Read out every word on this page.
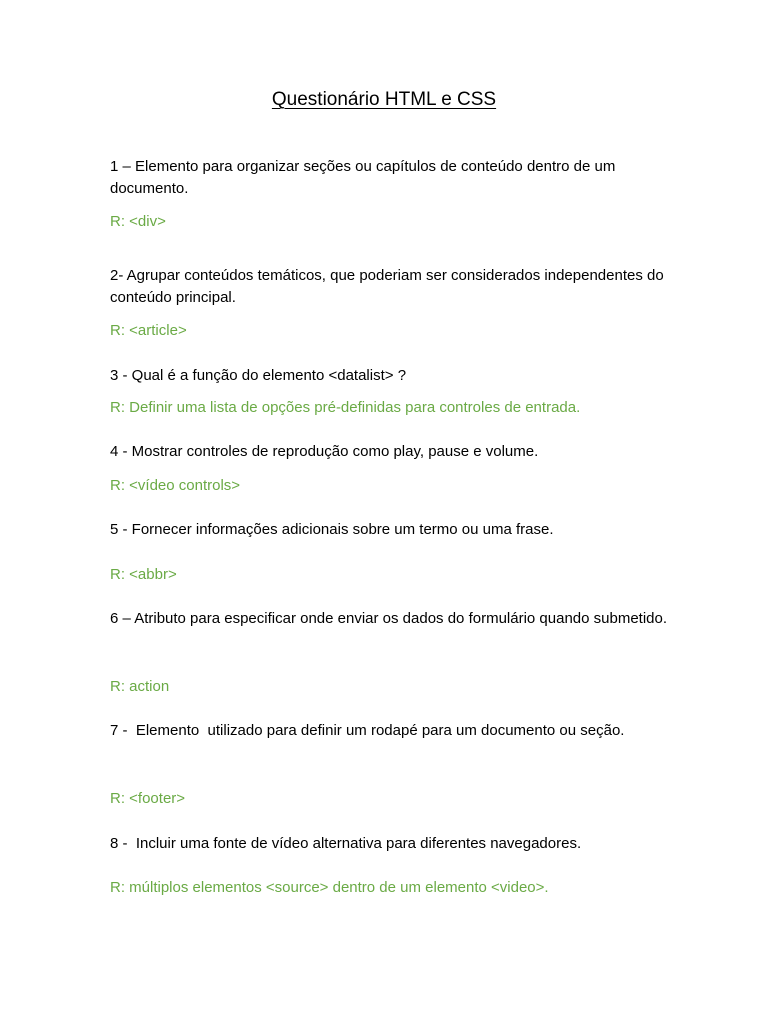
Questionário HTML e CSS
1 – Elemento para organizar seções ou capítulos de conteúdo dentro de um documento.
R: <div>
2- Agrupar conteúdos temáticos, que poderiam ser considerados independentes do conteúdo principal.
R: <article>
3 - Qual é a função do elemento <datalist> ?
R: Definir uma lista de opções pré-definidas para controles de entrada.
4 - Mostrar controles de reprodução como play, pause e volume.
R: <vídeo controls>
5 - Fornecer informações adicionais sobre um termo ou uma frase.
R: <abbr>
6 – Atributo para especificar onde enviar os dados do formulário quando submetido.
R: action
7 -  Elemento  utilizado para definir um rodapé para um documento ou seção.
R: <footer>
8 -  Incluir uma fonte de vídeo alternativa para diferentes navegadores.
R: múltiplos elementos <source> dentro de um elemento <video>.
